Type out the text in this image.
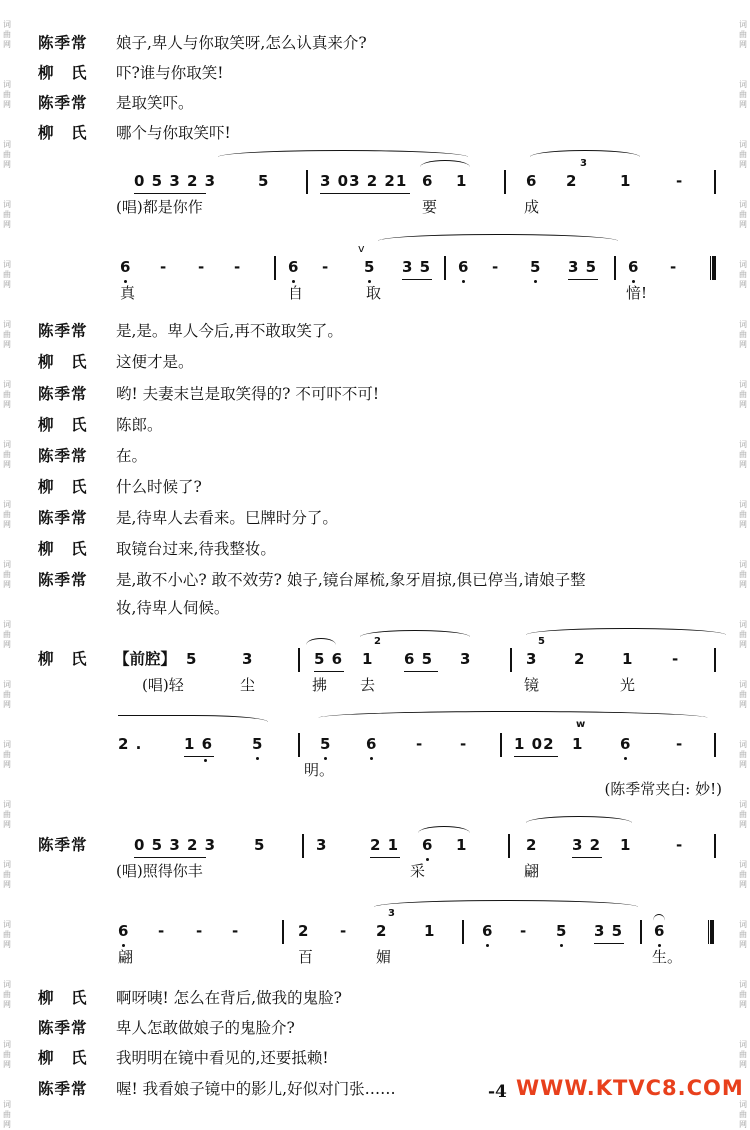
词
曲
网
词
曲
网
词
曲
网
词
曲
网
词
曲
网
词
曲
网
词
曲
网
词
曲
网
词
曲
网
词
曲
网
词
曲
网
词
曲
网
词
曲
网
词
曲
网
词
曲
网
词
曲
网
词
曲
网
词
曲
网
词
曲
网
词
曲
网
词
曲
网
词
曲
网
词
曲
网
词
曲
网
词
曲
网
词
曲
网
词
曲
网
词
曲
网
词
曲
网
词
曲
网
词
曲
网
词
曲
网
词
曲
网
词
曲
网
词
曲
网
词
曲
网
词
曲
网
词
曲
网
陈季常 娘子,卑人与你取笑呀,怎么认真来介?
柳　氏 吓?谁与你取笑!
陈季常 是取笑吓。
柳　氏 哪个与你取笑吓!
0 5 3 2 3	5	3 03 2 21 6 1	6 2
3
1	-
(唱)都是你作	要	成
6 - - -	6 -
v
5 3 5 6 - 5 3 5 6 -
真	自	取	愔!
陈季常 是,是。卑人今后,再不敢取笑了。
柳　氏 这便才是。
陈季常 哟! 夫妻末岂是取笑得的? 不可吓不可!
柳　氏 陈郎。
陈季常 在。
柳　氏 什么时候了?
陈季常 是,待卑人去看来。巳牌时分了。
柳　氏 取镜台过来,待我整妆。
陈季常 是,敢不小心? 敢不效劳? 娘子,镜台犀梳,象牙眉掠,俱已停当,请娘子整
妆,待卑人伺候。
柳　氏 【前腔】 5	3	5 6 1
2
6 5 3	3
5
2 1	-
(唱)轻	尘	拂 去	镜	光
2 .	1 6	5	5 6	- -	1 02 1
w
6	-
明。
(陈季常夹白: 妙!)
陈季常	0 5 3 2 3	5	3	2 1 6 1	2 3 2 1	-
(唱)照得你丰	采	翩
6 - - -	2 - 2
3
1	6 - 5 3 5 6
翩	百	媚	生。
柳　氏 啊呀咦! 怎么在背后,做我的鬼脸?
陈季常 卑人怎敢做娘子的鬼脸介?
柳　氏 我明明在镜中看见的,还要抵赖!
陈季常 喔! 我看娘子镜中的影儿,好似对门张……	-4 WWW.KTVC8.COM
